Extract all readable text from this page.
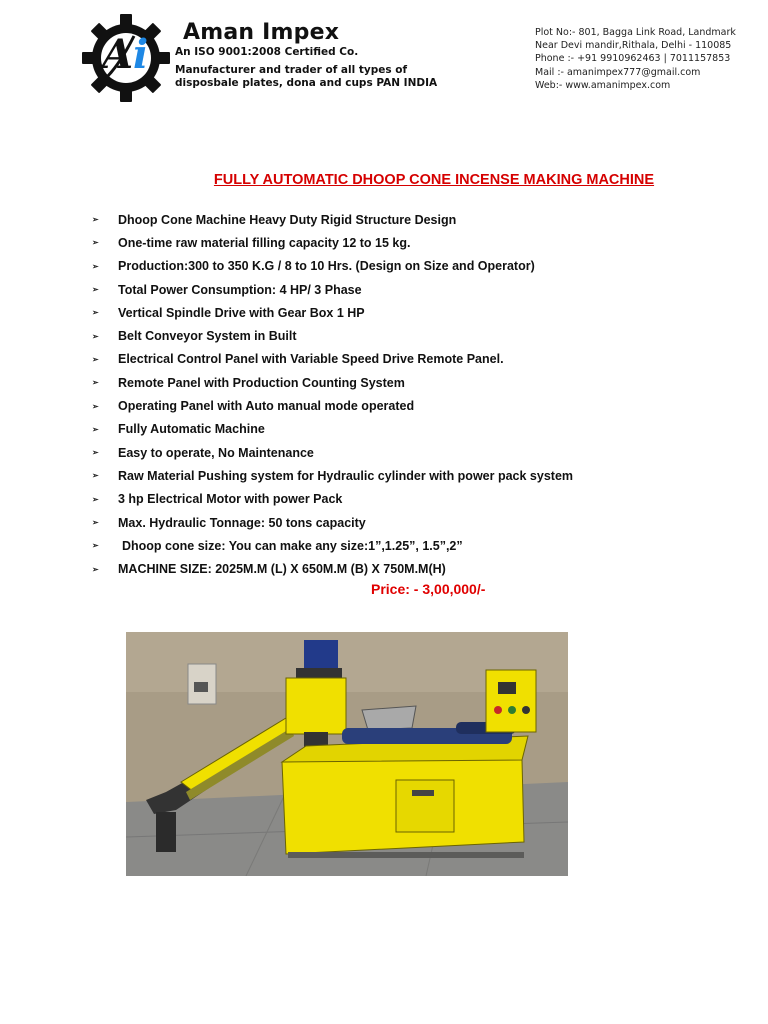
Ai Aman Impex
An ISO 9001:2008 Certified Co.
Manufacturer and trader of all types of
disposbale plates, dona and cups PAN INDIA
Plot No:- 801, Bagga Link Road, Landmark
Near Devi mandir,Rithala, Delhi - 110085
Phone :- +91 9910962463 | 7011157853
Mail :- amanimpex777@gmail.com
Web:- www.amanimpex.com
FULLY AUTOMATIC DHOOP CONE INCENSE MAKING MACHINE
➢	Dhoop Cone Machine Heavy Duty Rigid Structure Design
➢	One-time raw material filling capacity 12 to 15 kg.
➢	Production:300 to 350 K.G / 8 to 10 Hrs. (Design on Size and Operator)
➢	Total Power Consumption: 4 HP/ 3 Phase
➢	Vertical Spindle Drive with Gear Box 1 HP
➢	Belt Conveyor System in Built
➢	Electrical Control Panel with Variable Speed Drive Remote Panel.
➢	Remote Panel with Production Counting System
➢	Operating Panel with Auto manual mode operated
➢	Fully Automatic Machine
➢	Easy to operate, No Maintenance
➢	Raw Material Pushing system for Hydraulic cylinder with power pack system
➢	3 hp Electrical Motor with power Pack
➢	Max. Hydraulic Tonnage: 50 tons capacity
➢	Dhoop cone size: You can make any size:1”,1.25”, 1.5”,2”
➢	MACHINE SIZE: 2025M.M (L) X 650M.M (B) X 750M.M(H)
Price: - 3,00,000/-
